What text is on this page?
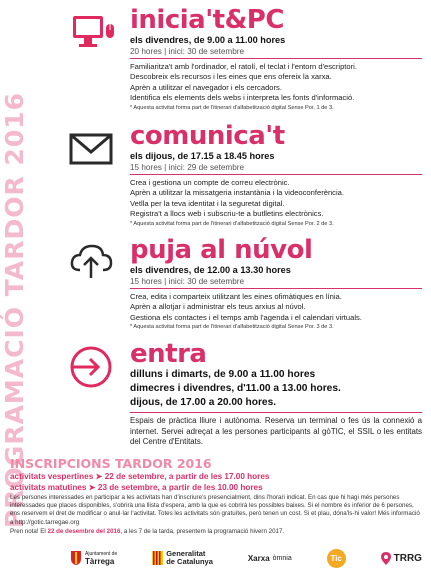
PROGRAMACIÓ TARDOR 2016
inicia't&PC
els divendres, de 9.00 a 11.00 hores
20 hores | inici: 30 de setembre
Familiaritza't amb l'ordinador, el ratolí, el teclat i l'entorn d'escriptori.
Descobreix els recursos i les eines que ens ofereix la xarxa.
Aprèn a utilitzar el navegador i els cercadors.
Identifica els elements dels webs i interpreta les fonts d'informació.
* Aquesta activitat forma part de l'itinerari d'alfabetització digital Sense Por. 1 de 3.
comunica't
els dijous, de 17.15 a 18.45 hores
15 hores | inici: 29 de setembre
Crea i gestiona un compte de correu electrònic.
Aprèn a utilitzar la missatgeria instantània i la videoconferència.
Vetlla per la teva identitat i la seguretat digital.
Registra't a llocs web i subscriu-te a butlletins electrònics.
* Aquesta activitat forma part de l'itinerari d'alfabetització digital Sense Por. 2 de 3.
puja al núvol
els divendres, de 12.00 a 13.30 hores
15 hores | inici: 30 de setembre
Crea, edita i comparteix utilitzant les eines ofimàtiques en línia.
Aprèn a allotjar i administrar els teus arxius al núvol.
Gestiona els contactes i el temps amb l'agenda i el calendari virtuals.
* Aquesta activitat forma part de l'itinerari d'alfabetització digital Sense Por. 3 de 3.
entra
dilluns i dimarts, de 9.00 a 11.00 hores
dimecres i divendres, d'11.00 a 13.00 hores.
dijous, de 17.00 a 20.00 hores.
Espais de pràctica lliure i autònoma. Reserva un terminal o fes ús la connexió a internet. Servei adreçat a les persones participants al gòTIC, el SSIL o les entitats del Centre d'Entitats.
INSCRIPCIONS TARDOR 2016
activitats vespertines ➤ 22 de setembre, a partir de les 17.00 hores
activitats matutines ➤ 23 de setembre, a partir de les 10.00 hores
Les persones interessades en participar a les activitats han d'inscriure's presencialment, dins l'horari indicat. En cas que hi hagi més persones interessades que places disponibles, s'obrirà una llista d'espera, amb la que es cobrirà les possibles baixes. Si el nombre és inferior de 6 persones, ens reservem el dret de modificar o anul·lar l'activitat. Totes les activitats són gratuïtes, però tenen un cost. Si et plau, dóna'ls-hi valor! Més informació a http://gotic.tarregae.org
Pren nota! El 22 de desembre del 2016, a les 7 de la tarda, presentem la programació hivern 2017.
Ajuntament de
Tàrrega
Generalitat
de Catalunya	Xarxa òmnia	Tic	TRRG
